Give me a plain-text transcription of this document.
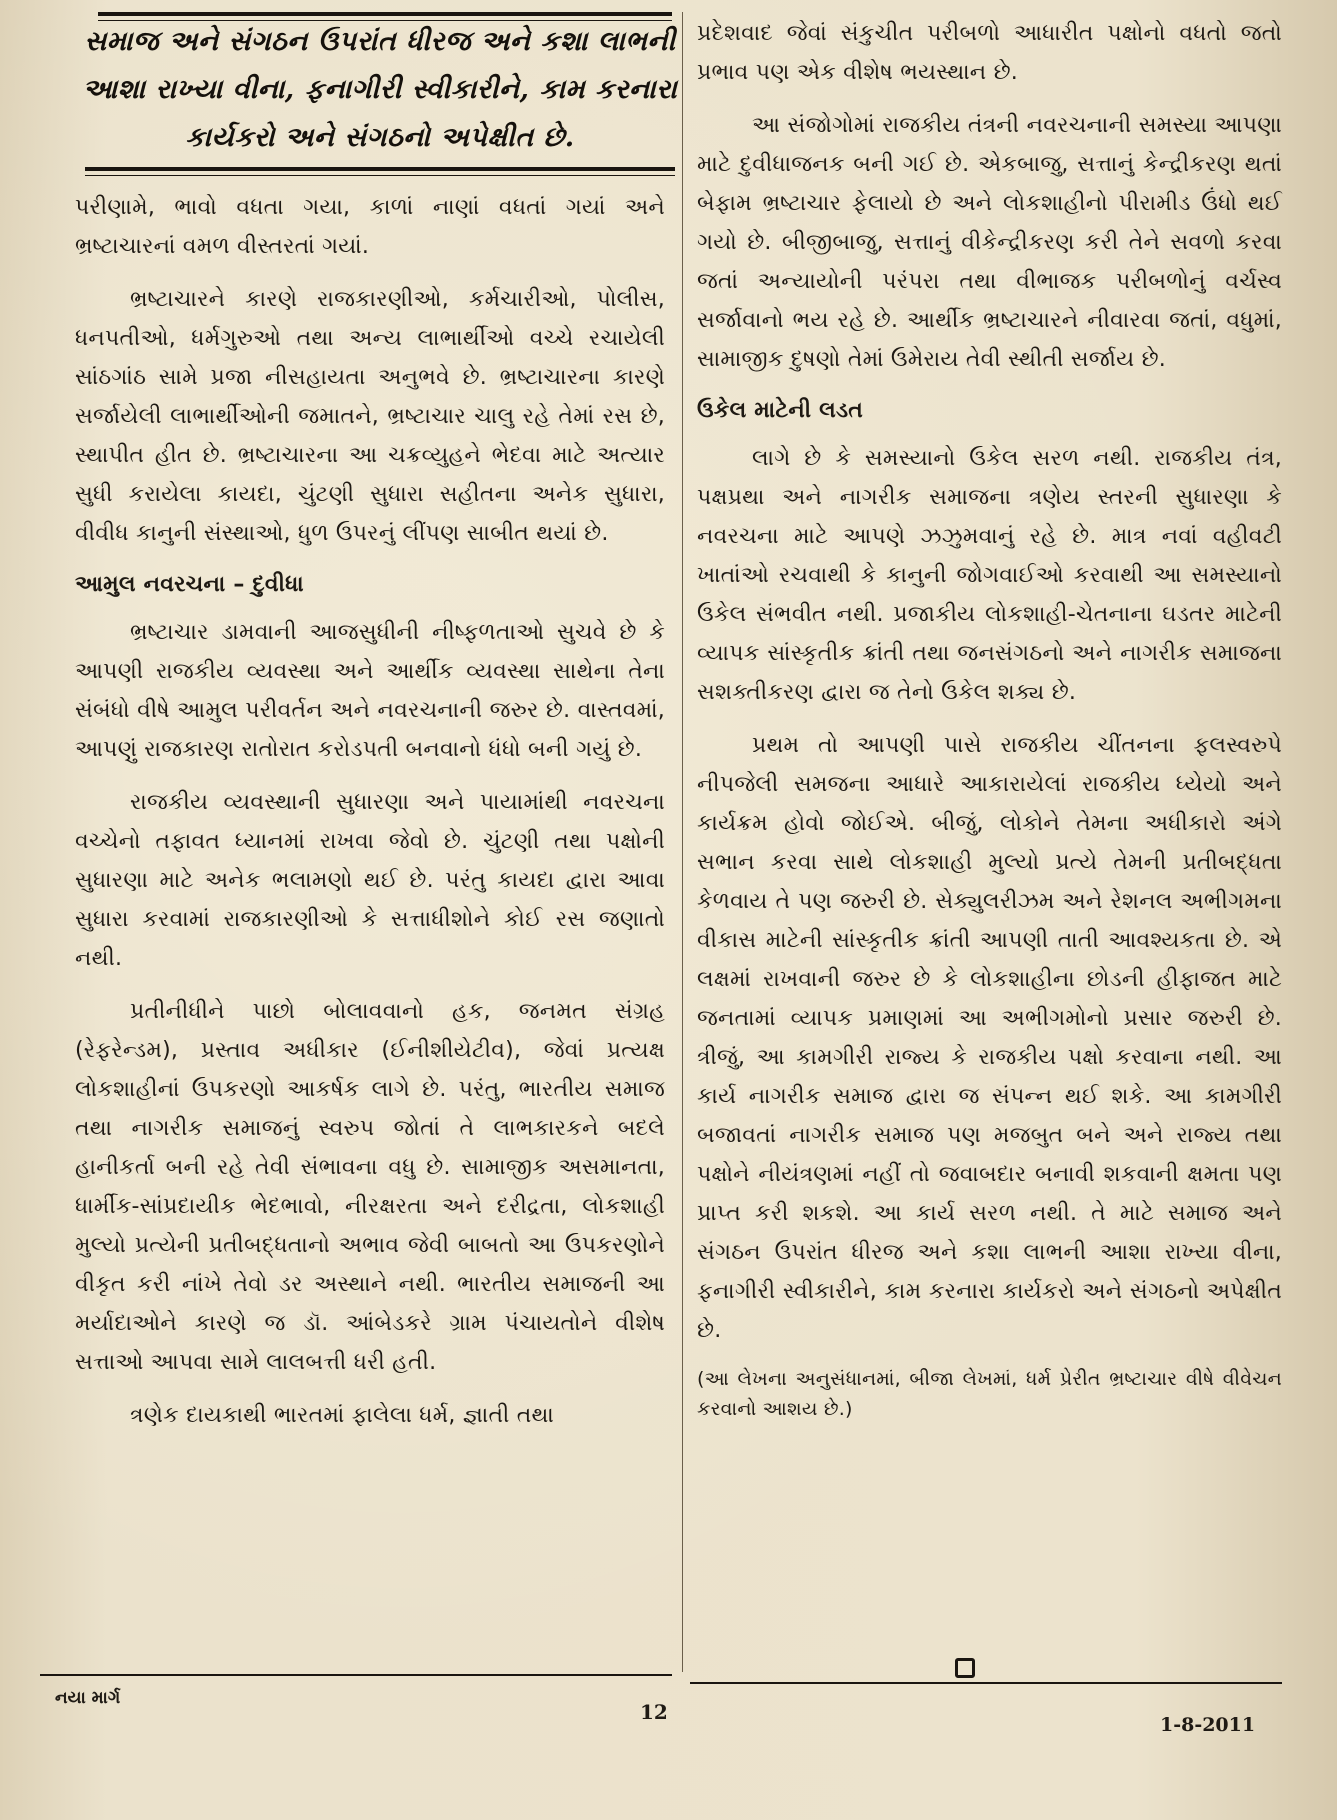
સમાજ અને સંગઠન ઉપરાંત ધીરજ અને કશા લાભની આશા રાખ્યા વીના, ફનાગીરી સ્વીકારીને, કામ કરનારા કાર્યકરો અને સંગઠનો અપેક્ષીત છે.

પરીણામે, ભાવો વધતા ગયા, કાળાં નાણાં વધતાં ગયાં અને ભ્રષ્ટાચારનાં વમળ વીસ્તરતાં ગયાં.

ભ્રષ્ટાચારને કારણે રાજકારણીઓ, કર્મચારીઓ, પોલીસ, ધનપતીઓ, ધર્મગુરુઓ તથા અન્ય લાભાર્થીઓ વચ્ચે રચાયેલી સાંઠગાંઠ સામે પ્રજા નીસહાયતા અનુભવે છે. ભ્રષ્ટાચારના કારણે સર્જાયેલી લાભાર્થીઓની જમાતને, ભ્રષ્ટાચાર ચાલુ રહે તેમાં રસ છે, સ્થાપીત હીત છે. ભ્રષ્ટાચારના આ ચક્રવ્યુહને ભેદવા માટે અત્યાર સુધી કરાયેલા કાયદા, ચુંટણી સુધારા સહીતના અનેક સુધારા, વીવીધ કાનુની સંસ્થાઓ, ધુળ ઉપરનું લીંપણ સાબીત થયાં છે.

આમુલ નવરચના – દુવીધા

ભ્રષ્ટાચાર ડામવાની આજસુધીની નીષ્ફળતાઓ સુચવે છે કે આપણી રાજકીય વ્યવસ્થા અને આર્થીક વ્યવસ્થા સાથેના તેના સંબંધો વીષે આમુલ પરીવર્તન અને નવરચનાની જરુર છે. વાસ્તવમાં, આપણું રાજકારણ રાતોરાત કરોડપતી બનવાનો ધંધો બની ગયું છે.

રાજકીય વ્યવસ્થાની સુધારણા અને પાયામાંથી નવરચના વચ્ચેનો તફાવત ધ્યાનમાં રાખવા જેવો છે. ચુંટણી તથા પક્ષોની સુધારણા માટે અનેક ભલામણો થઈ છે. પરંતુ કાયદા દ્વારા આવા સુધારા કરવામાં રાજકારણીઓ કે સત્તાધીશોને કોઈ રસ જણાતો નથી.

પ્રતીનીધીને પાછો બોલાવવાનો હક, જનમત સંગ્રહ (રેફરેન્ડમ), પ્રસ્તાવ અધીકાર (ઈનીશીયેટીવ), જેવાં પ્રત્યક્ષ લોકશાહીનાં ઉપકરણો આકર્ષક લાગે છે. પરંતુ, ભારતીય સમાજ તથા નાગરીક સમાજનું સ્વરુપ જોતાં તે લાભકારકને બદલે હાનીકર્તા બની રહે તેવી સંભાવના વધુ છે. સામાજીક અસમાનતા, ધાર્મીક-સાંપ્રદાયીક ભેદભાવો, નીરક્ષરતા અને દરીદ્રતા, લોકશાહી મુલ્યો પ્રત્યેની પ્રતીબદ્ધતાનો અભાવ જેવી બાબતો આ ઉપકરણોને વીકૃત કરી નાંખે તેવો ડર અસ્થાને નથી. ભારતીય સમાજની આ મર્યાદાઓને કારણે જ ડૉ. આંબેડકરે ગ્રામ પંચાયતોને વીશેષ સત્તાઓ આપવા સામે લાલબત્તી ધરી હતી.

ત્રણેક દાયકાથી ભારતમાં ફાલેલા ધર્મ, જ્ઞાતી તથા

પ્રદેશવાદ જેવાં સંકુચીત પરીબળો આધારીત પક્ષોનો વધતો જતો પ્રભાવ પણ એક વીશેષ ભયસ્થાન છે.

આ સંજોગોમાં રાજકીય તંત્રની નવરચનાની સમસ્યા આપણા માટે દુવીધાજનક બની ગઈ છે. એકબાજુ, સત્તાનું કેન્દ્રીકરણ થતાં બેફામ ભ્રષ્ટાચાર ફેલાયો છે અને લોકશાહીનો પીરામીડ ઉંધો થઈ ગયો છે. બીજીબાજુ, સત્તાનું વીકેન્દ્રીકરણ કરી તેને સવળો કરવા જતાં અન્યાયોની પરંપરા તથા વીભાજક પરીબળોનું વર્ચસ્વ સર્જાવાનો ભય રહે છે. આર્થીક ભ્રષ્ટાચારને નીવારવા જતાં, વધુમાં, સામાજીક દુષણો તેમાં ઉમેરાય તેવી સ્થીતી સર્જાય છે.

ઉકેલ માટેની લડત

લાગે છે કે સમસ્યાનો ઉકેલ સરળ નથી. રાજકીય તંત્ર, પક્ષપ્રથા અને નાગરીક સમાજના ત્રણેય સ્તરની સુધારણા કે નવરચના માટે આપણે ઝઝુમવાનું રહે છે. માત્ર નવાં વહીવટી ખાતાંઓ રચવાથી કે કાનુની જોગવાઈઓ કરવાથી આ સમસ્યાનો ઉકેલ સંભવીત નથી. પ્રજાકીય લોકશાહી-ચેતનાના ઘડતર માટેની વ્યાપક સાંસ્કૃતીક ક્રાંતી તથા જનસંગઠનો અને નાગરીક સમાજના સશક્તીકરણ દ્વારા જ તેનો ઉકેલ શક્ય છે.

પ્રથમ તો આપણી પાસે રાજકીય ચીંતનના ફલસ્વરુપે નીપજેલી સમજના આધારે આકારાયેલાં રાજકીય ધ્યેયો અને કાર્યક્રમ હોવો જોઈએ. બીજું, લોકોને તેમના અધીકારો અંગે સભાન કરવા સાથે લોકશાહી મુલ્યો પ્રત્યે તેમની પ્રતીબદ્ધતા કેળવાય તે પણ જરુરી છે. સેક્યુલરીઝમ અને રેશનલ અભીગમના વીકાસ માટેની સાંસ્કૃતીક ક્રાંતી આપણી તાતી આવશ્યકતા છે. એ લક્ષમાં રાખવાની જરુર છે કે લોકશાહીના છોડની હીફાજત માટે જનતામાં વ્યાપક પ્રમાણમાં આ અભીગમોનો પ્રસાર જરુરી છે. ત્રીજું, આ કામગીરી રાજ્ય કે રાજકીય પક્ષો કરવાના નથી. આ કાર્ય નાગરીક સમાજ દ્વારા જ સંપન્ન થઈ શકે. આ કામગીરી બજાવતાં નાગરીક સમાજ પણ મજબુત બને અને રાજ્ય તથા પક્ષોને નીયંત્રણમાં નહીં તો જવાબદાર બનાવી શકવાની ક્ષમતા પણ પ્રાપ્ત કરી શકશે. આ કાર્ય સરળ નથી. તે માટે સમાજ અને સંગઠન ઉપરાંત ધીરજ અને કશા લાભની આશા રાખ્યા વીના, ફનાગીરી સ્વીકારીને, કામ કરનારા કાર્યકરો અને સંગઠનો અપેક્ષીત છે.

(આ લેખના અનુસંધાનમાં, બીજા લેખમાં, ધર્મ પ્રેરીત ભ્રષ્ટાચાર વીષે વીવેચન કરવાનો આશય છે.)

નયા માર્ગ
12
1-8-2011
